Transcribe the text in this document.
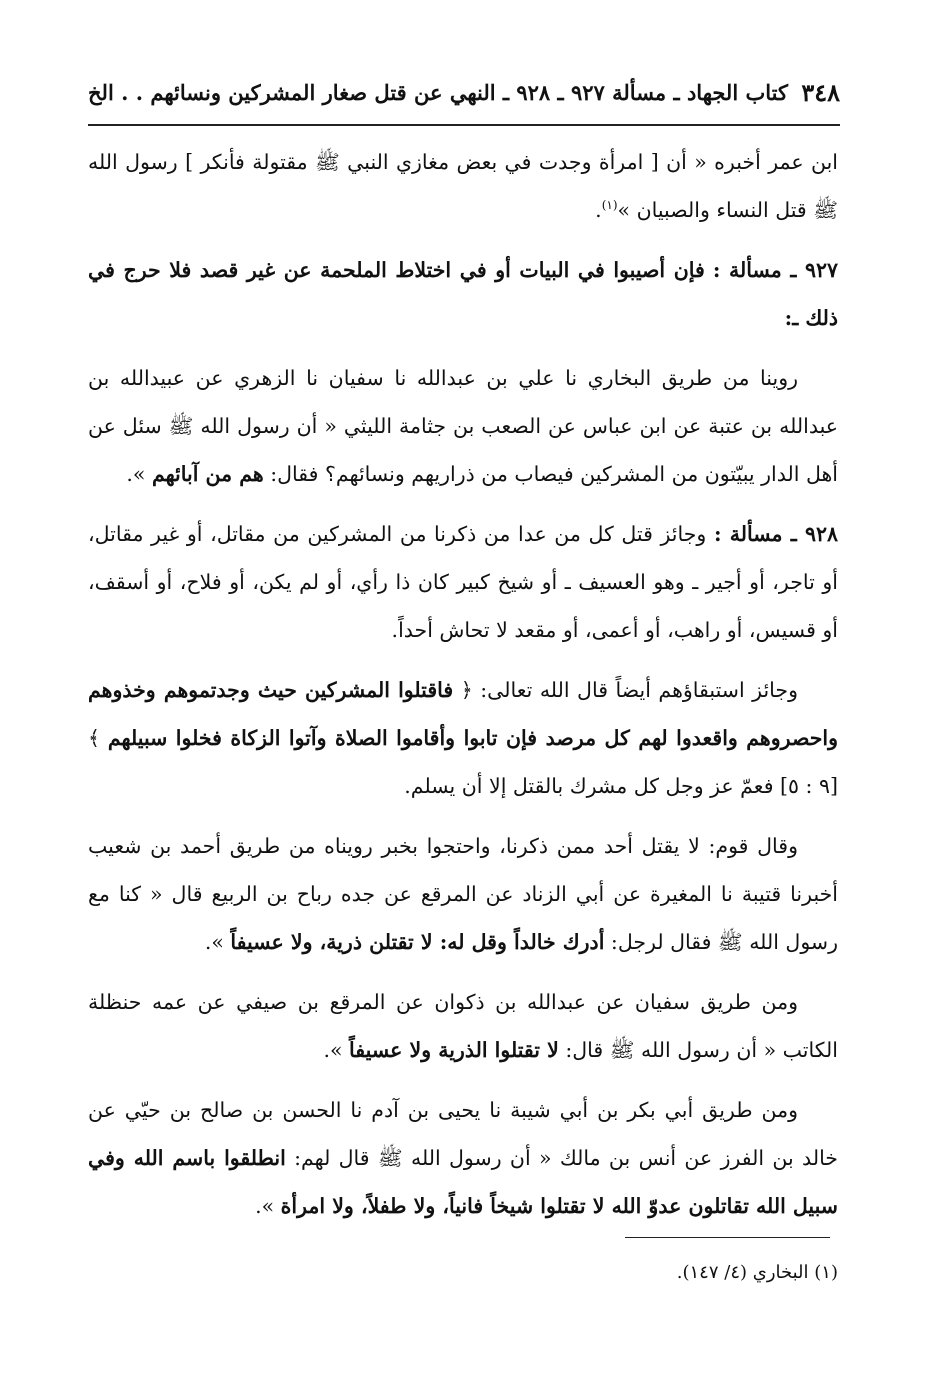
٣٤٨
كتاب الجهاد ـ مسألة ٩٢٧ ـ ٩٢٨ ـ النهي عن قتل صغار المشركين ونسائهم . . الخ

ابن عمر أخبره « أن [ امرأة وجدت في بعض مغازي النبي ﷺ مقتولة فأنكر ] رسول الله ﷺ قتل النساء والصبيان »$^{(١)}$.

٩٢٧ ـ مسألة : فإن أصيبوا في البيات أو في اختلاط الملحمة عن غير قصد فلا حرج في ذلك ـ:

روينا من طريق البخاري نا علي بن عبدالله نا سفيان نا الزهري عن عبيدالله بن عبدالله بن عتبة عن ابن عباس عن الصعب بن جثامة الليثي « أن رسول الله ﷺ سئل عن أهل الدار يبيّتون من المشركين فيصاب من ذراريهم ونسائهم؟ فقال: هم من آبائهم ».

٩٢٨ ـ مسألة : وجائز قتل كل من عدا من ذكرنا من المشركين من مقاتل، أو غير مقاتل، أو تاجر، أو أجير ـ وهو العسيف ـ أو شيخ كبير كان ذا رأي، أو لم يكن، أو فلاح، أو أسقف، أو قسيس، أو راهب، أو أعمى، أو مقعد لا تحاش أحداً.

وجائز استبقاؤهم أيضاً قال الله تعالى: ﴿ فاقتلوا المشركين حيث وجدتموهم وخذوهم واحصروهم واقعدوا لهم كل مرصد فإن تابوا وأقاموا الصلاة وآتوا الزكاة فخلوا سبيلهم ﴾ [٩ : ٥] فعمّ عز وجل كل مشرك بالقتل إلا أن يسلم.

وقال قوم: لا يقتل أحد ممن ذكرنا، واحتجوا بخبر رويناه من طريق أحمد بن شعيب أخبرنا قتيبة نا المغيرة عن أبي الزناد عن المرقع عن جده رباح بن الربيع قال « كنا مع رسول الله ﷺ فقال لرجل: أدرك خالداً وقل له: لا تقتلن ذرية، ولا عسيفاً ».

ومن طريق سفيان عن عبدالله بن ذكوان عن المرقع بن صيفي عن عمه حنظلة الكاتب « أن رسول الله ﷺ قال: لا تقتلوا الذرية ولا عسيفاً ».

ومن طريق أبي بكر بن أبي شيبة نا يحيى بن آدم نا الحسن بن صالح بن حيّي عن خالد بن الفرز عن أنس بن مالك « أن رسول الله ﷺ قال لهم: انطلقوا باسم الله وفي سبيل الله تقاتلون عدوّ الله لا تقتلوا شيخاً فانياً، ولا طفلاً، ولا امرأة ».

(١) البخاري (٤/ ١٤٧).
